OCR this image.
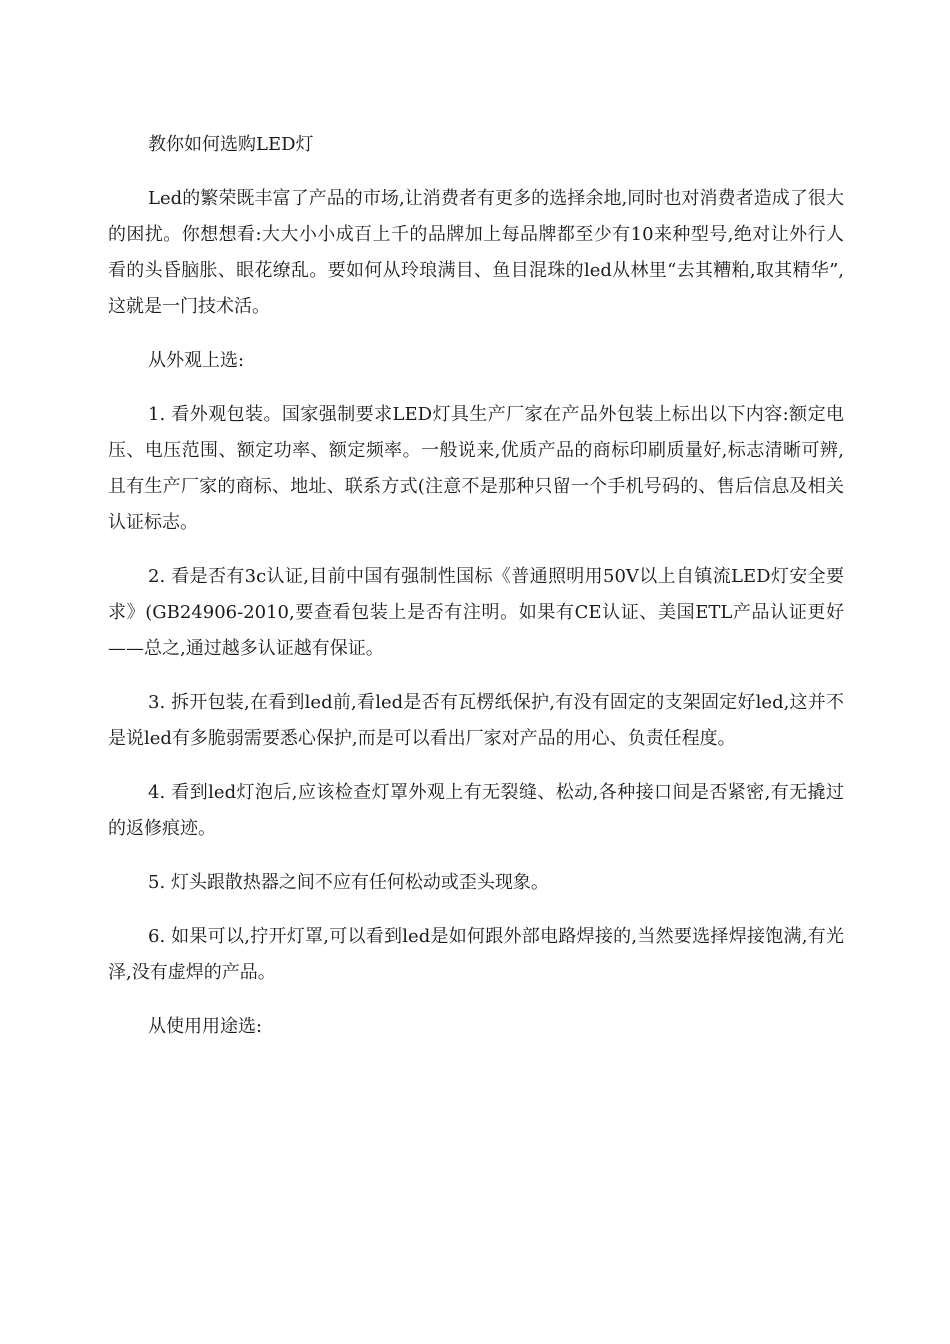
教你如何选购LED灯

Led的繁荣既丰富了产品的市场,让消费者有更多的选择余地,同时也对消费者造成了很大的困扰。你想想看:大大小小成百上千的品牌加上每品牌都至少有10来种型号,绝对让外行人看的头昏脑胀、眼花缭乱。要如何从玲琅满目、鱼目混珠的led从林里“去其糟粕,取其精华”,这就是一门技术活。

从外观上选:

1. 看外观包装。国家强制要求LED灯具生产厂家在产品外包装上标出以下内容:额定电压、电压范围、额定功率、额定频率。一般说来,优质产品的商标印刷质量好,标志清晰可辨,且有生产厂家的商标、地址、联系方式(注意不是那种只留一个手机号码的、售后信息及相关认证标志。

2. 看是否有3c认证,目前中国有强制性国标《普通照明用50V以上自镇流LED灯安全要求》(GB24906-2010,要查看包装上是否有注明。如果有CE认证、美国ETL产品认证更好——总之,通过越多认证越有保证。

3. 拆开包装,在看到led前,看led是否有瓦楞纸保护,有没有固定的支架固定好led,这并不是说led有多脆弱需要悉心保护,而是可以看出厂家对产品的用心、负责任程度。

4. 看到led灯泡后,应该检查灯罩外观上有无裂缝、松动,各种接口间是否紧密,有无撬过的返修痕迹。

5. 灯头跟散热器之间不应有任何松动或歪头现象。

6. 如果可以,拧开灯罩,可以看到led是如何跟外部电路焊接的,当然要选择焊接饱满,有光泽,没有虚焊的产品。

从使用用途选:
